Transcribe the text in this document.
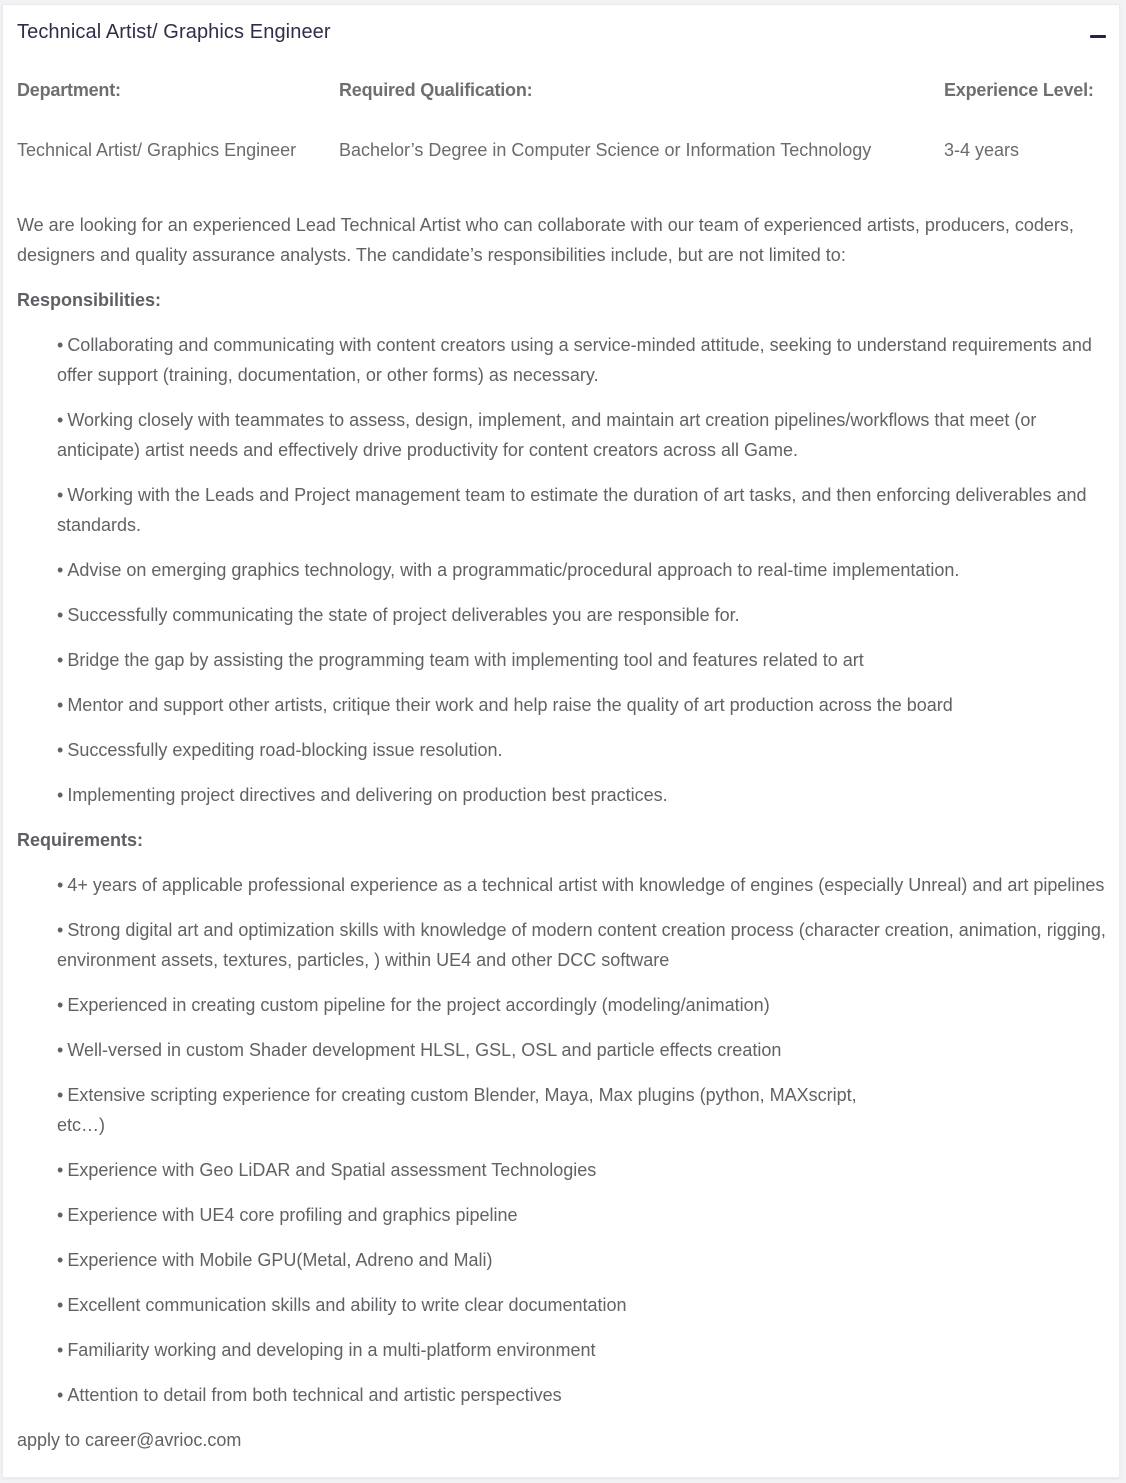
Technical Artist/ Graphics Engineer
Department:
Technical Artist/ Graphics Engineer
Required Qualification:
Bachelor’s Degree in Computer Science or Information Technology
Experience Level:
3-4 years

We are looking for an experienced Lead Technical Artist who can collaborate with our team of experienced artists, producers, coders, designers and quality assurance analysts. The candidate’s responsibilities include, but are not limited to:

Responsibilities:
• Collaborating and communicating with content creators using a service-minded attitude, seeking to understand requirements and offer support (training, documentation, or other forms) as necessary.
• Working closely with teammates to assess, design, implement, and maintain art creation pipelines/workflows that meet (or anticipate) artist needs and effectively drive productivity for content creators across all Game.
• Working with the Leads and Project management team to estimate the duration of art tasks, and then enforcing deliverables and standards.
• Advise on emerging graphics technology, with a programmatic/procedural approach to real-time implementation.
• Successfully communicating the state of project deliverables you are responsible for.
• Bridge the gap by assisting the programming team with implementing tool and features related to art
• Mentor and support other artists, critique their work and help raise the quality of art production across the board
• Successfully expediting road-blocking issue resolution.
• Implementing project directives and delivering on production best practices.
Requirements:
• 4+ years of applicable professional experience as a technical artist with knowledge of engines (especially Unreal) and art pipelines
• Strong digital art and optimization skills with knowledge of modern content creation process (character creation, animation, rigging, environment assets, textures, particles, ) within UE4 and other DCC software
• Experienced in creating custom pipeline for the project accordingly (modeling/animation)
• Well-versed in custom Shader development HLSL, GSL, OSL and particle effects creation
• Extensive scripting experience for creating custom Blender, Maya, Max plugins (python, MAXscript, etc…)
• Experience with Geo LiDAR and Spatial assessment Technologies
• Experience with UE4 core profiling and graphics pipeline
• Experience with Mobile GPU(Metal, Adreno and Mali)
• Excellent communication skills and ability to write clear documentation
• Familiarity working and developing in a multi-platform environment
• Attention to detail from both technical and artistic perspectives

apply to career@avrioc.com
